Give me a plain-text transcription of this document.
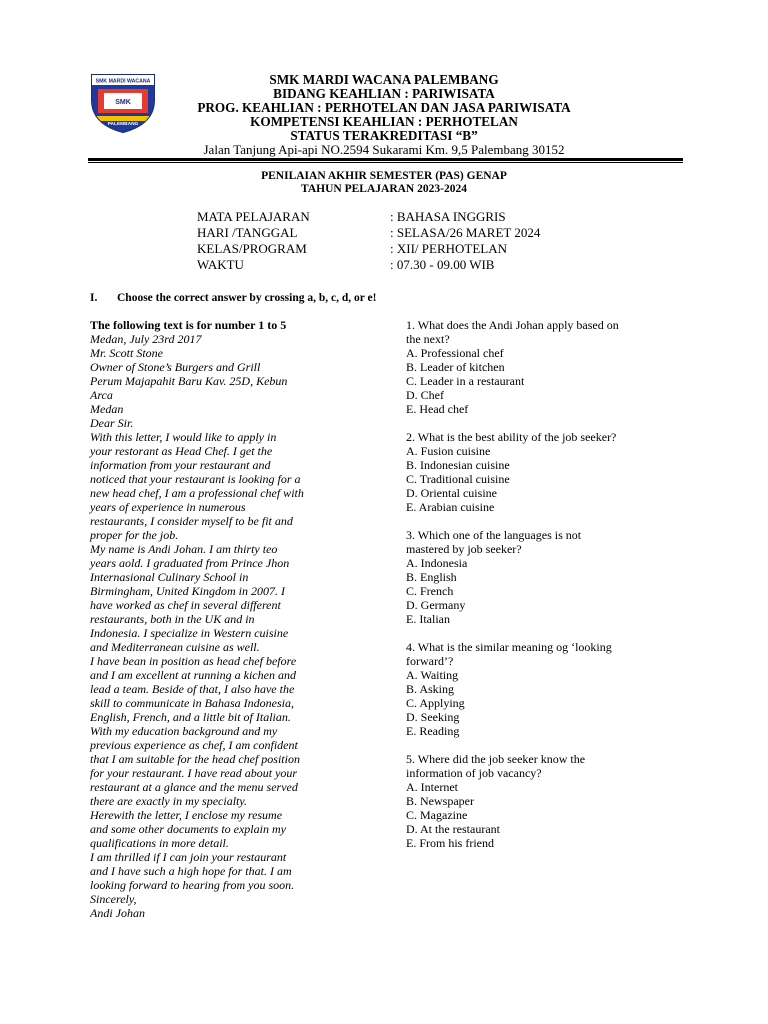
SMK MARDI WACANA
SMK
PALEMBANG
SMK MARDI WACANA PALEMBANG
BIDANG KEAHLIAN : PARIWISATA
PROG. KEAHLIAN : PERHOTELAN DAN JASA PARIWISATA
KOMPETENSI KEAHLIAN : PERHOTELAN
STATUS TERAKREDITASI “B”
Jalan Tanjung Api-api NO.2594 Sukarami Km. 9,5 Palembang 30152
PENILAIAN AKHIR SEMESTER (PAS) GENAP
TAHUN PELAJARAN 2023-2024
MATA PELAJARAN	: BAHASA INGGRIS
HARI /TANGGAL	: SELASA/26 MARET 2024
KELAS/PROGRAM	: XII/ PERHOTELAN
WAKTU	: 07.30 - 09.00 WIB
I. Choose the correct answer by crossing a, b, c, d, or e!
The following text is for number 1 to 5
Medan, July 23rd 2017
Mr. Scott Stone
Owner of Stone’s Burgers and Grill
Perum Majapahit Baru Kav. 25D, Kebun
Arca
Medan
Dear Sir.
With this letter, I would like to apply in
your restorant as Head Chef. I get the
information from your restaurant and
noticed that your restaurant is looking for a
new head chef, I am a professional chef with
years of experience in numerous
restaurants, I consider myself to be fit and
proper for the job.
My name is Andi Johan. I am thirty teo
years aold. I graduated from Prince Jhon
Internasional Culinary School in
Birmingham, United Kingdom in 2007. I
have worked as chef in several different
restaurants, both in the UK and in
Indonesia. I specialize in Western cuisine
and Mediterranean cuisine as well.
I have bean in position as head chef before
and I am excellent at running a kichen and
lead a team. Beside of that, I also have the
skill to communicate in Bahasa Indonesia,
English, French, and a little bit of Italian.
With my education background and my
previous experience as chef, I am confident
that I am suitable for the head chef position
for your restaurant. I have read about your
restaurant at a glance and the menu served
there are exactly in my specialty.
Herewith the letter, I enclose my resume
and some other documents to explain my
qualifications in more detail.
I am thrilled if I can join your restaurant
and I have such a high hope for that. I am
looking forward to hearing from you soon.
Sincerely,
Andi Johan
1. What does the Andi Johan apply based on
the next?
A. Professional chef
B. Leader of kitchen
C. Leader in a restaurant
D. Chef
E. Head chef
2. What is the best ability of the job seeker?
A. Fusion cuisine
B. Indonesian cuisine
C. Traditional cuisine
D. Oriental cuisine
E. Arabian cuisine
3. Which one of the languages is not
mastered by job seeker?
A. Indonesia
B. English
C. French
D. Germany
E. Italian
4. What is the similar meaning og ‘looking
forward’?
A. Waiting
B. Asking
C. Applying
D. Seeking
E. Reading
5. Where did the job seeker know the
information of job vacancy?
A. Internet
B. Newspaper
C. Magazine
D. At the restaurant
E. From his friend
